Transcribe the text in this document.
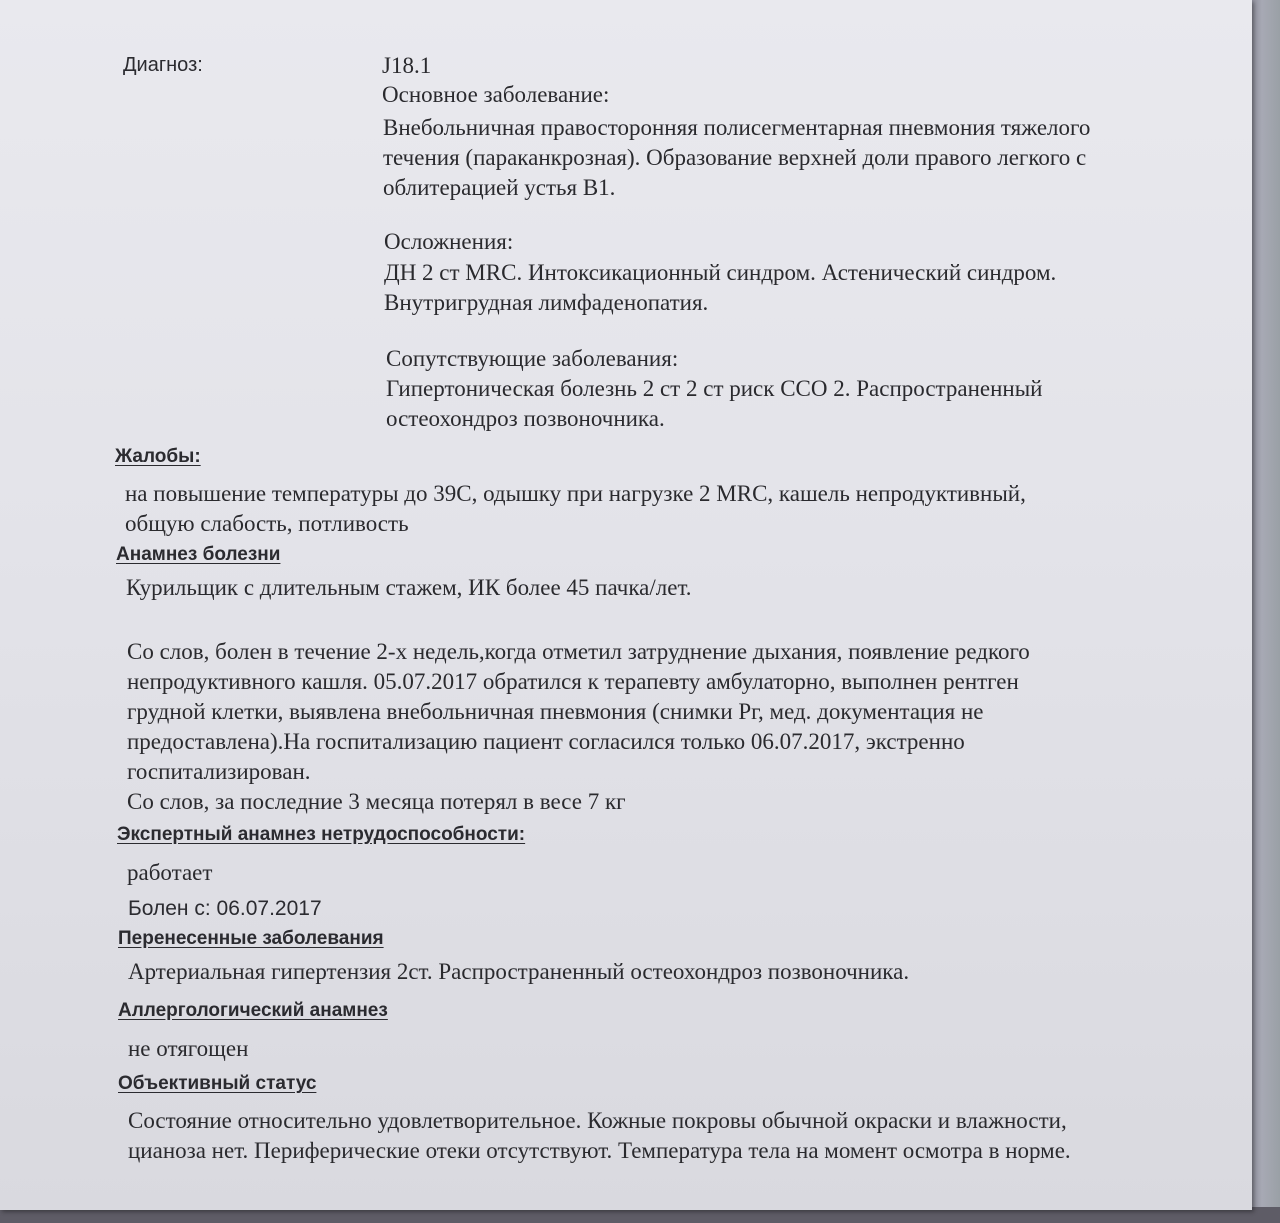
Диагноз:	J18.1
Основное заболевание:
Внебольничная правосторонняя полисегментарная пневмония тяжелого
течения (параканкрозная). Образование верхней доли правого легкого с
облитерацией устья В1.
Осложнения:
ДН 2 ст MRC. Интоксикационный синдром. Астенический синдром.
Внутригрудная лимфаденопатия.
Сопутствующие заболевания:
Гипертоническая болезнь 2 ст 2 ст риск ССО 2. Распространенный
остеохондроз позвоночника.
Жалобы:
на повышение температуры до 39С, одышку при нагрузке 2 MRC, кашель непродуктивный,
общую слабость, потливость
Анамнез болезни
Курильщик с длительным стажем, ИК более 45 пачка/лет.
Со слов, болен в течение 2-х недель,когда отметил затруднение дыхания, появление редкого
непродуктивного кашля. 05.07.2017 обратился к терапевту амбулаторно, выполнен рентген
грудной клетки, выявлена внебольничная пневмония (снимки Рг, мед. документация не
предоставлена).На госпитализацию пациент согласился только 06.07.2017, экстренно
госпитализирован.
Со слов, за последние 3 месяца потерял в весе 7 кг
Экспертный анамнез нетрудоспособности:
работает
Болен с: 06.07.2017
Перенесенные заболевания
Артериальная гипертензия 2ст. Распространенный остеохондроз позвоночника.
Аллергологический анамнез
не отягощен
Объективный статус
Состояние относительно удовлетворительное. Кожные покровы обычной окраски и влажности,
цианоза нет. Периферические отеки отсутствуют. Температура тела на момент осмотра в норме.
